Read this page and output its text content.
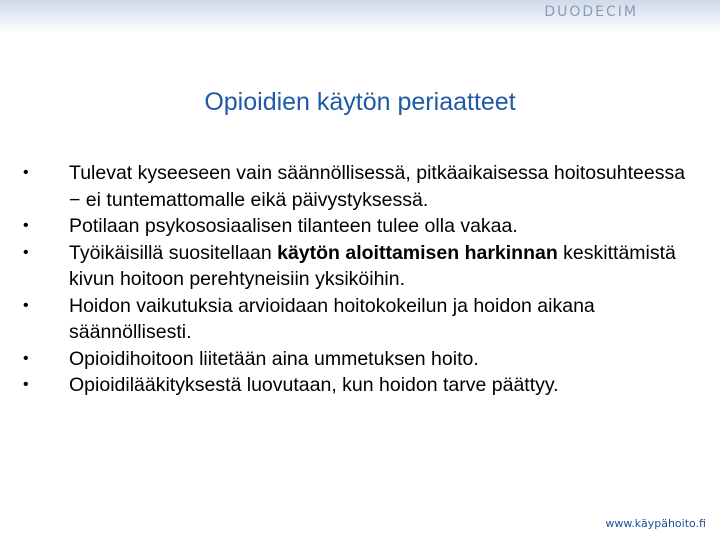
DUODECIM
Opioidien käytön periaatteet
• Tulevat kyseeseen vain säännöllisessä, pitkäaikaisessa hoitosuhteessa − ei tuntemattomalle eikä päivystyksessä.
• Potilaan psykososiaalisen tilanteen tulee olla vakaa.
• Työikäisillä suositellaan käytön aloittamisen harkinnan keskittämistä kivun hoitoon perehtyneisiin yksiköihin.
• Hoidon vaikutuksia arvioidaan hoitokokeilun ja hoidon aikana säännöllisesti.
• Opioidihoitoon liitetään aina ummetuksen hoito.
• Opioidilääkityksestä luovutaan, kun hoidon tarve päättyy.
www.käypähoito.fi
